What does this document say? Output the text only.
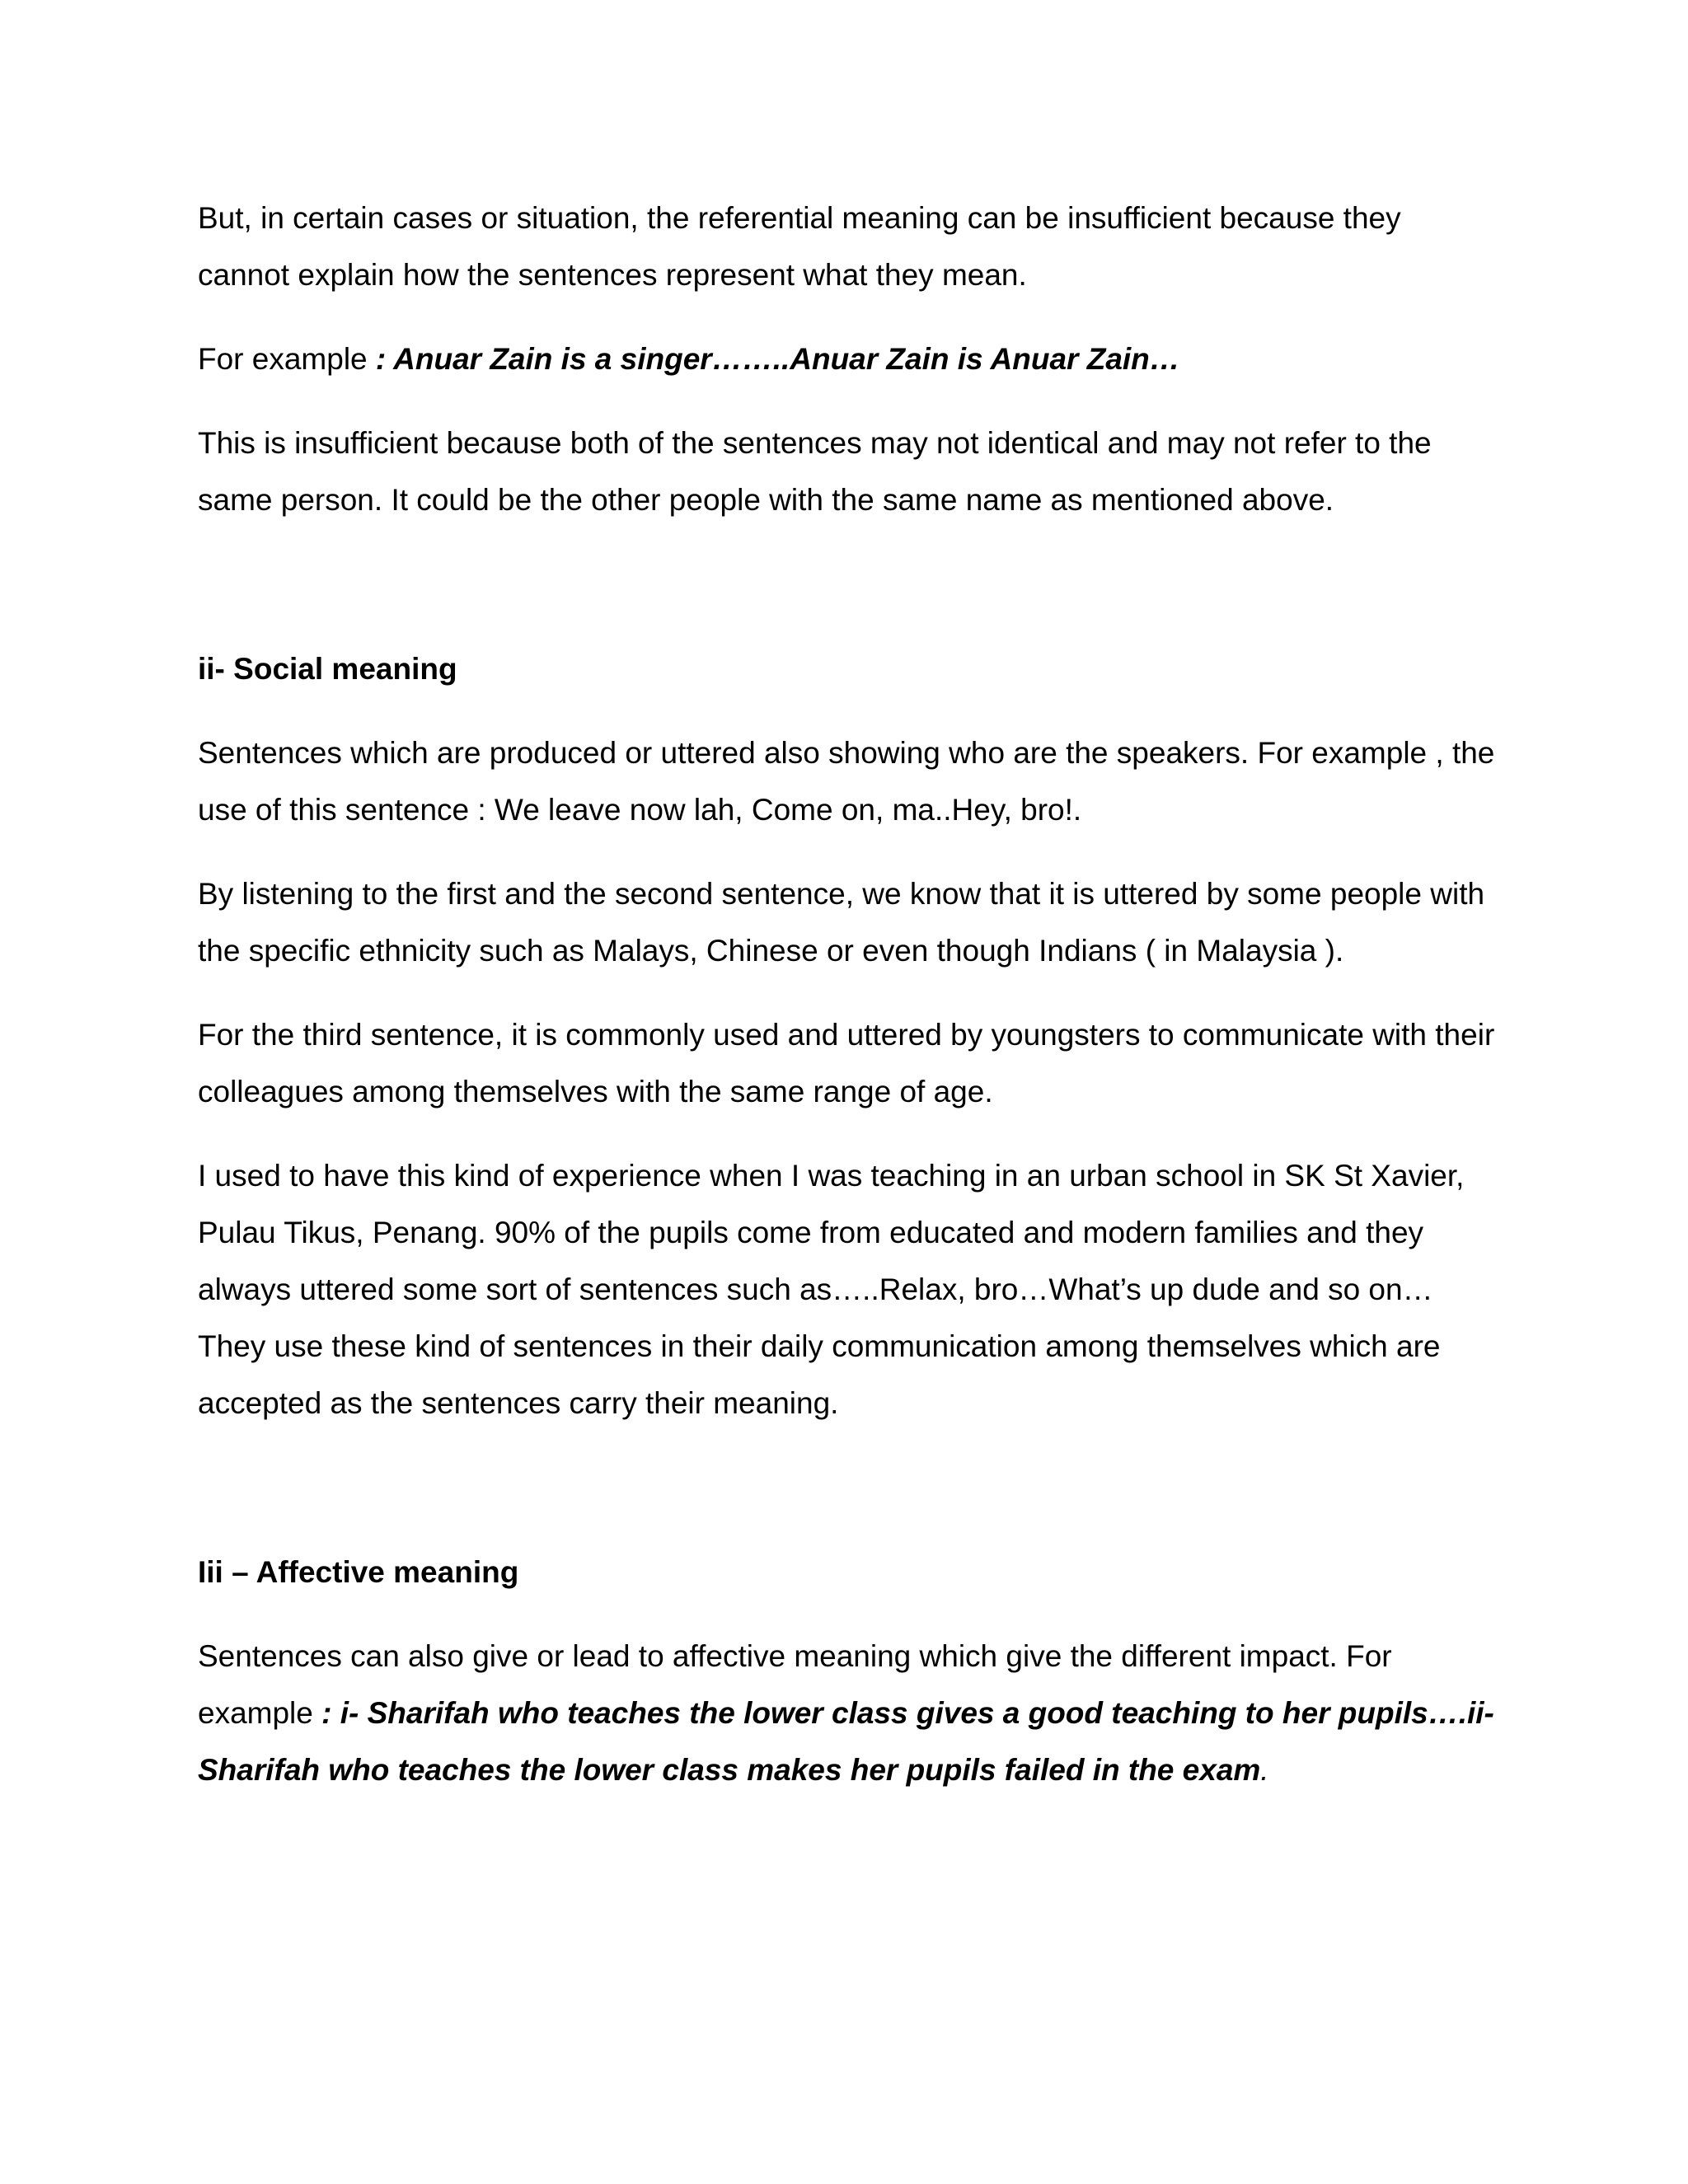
But, in certain cases or situation, the referential meaning can be insufficient because they cannot explain how the sentences represent what they mean.

For example : Anuar Zain is a singer……..Anuar Zain is Anuar Zain…

This is insufficient because both of the sentences may not identical and may not refer to the same person. It could be the other people with the same name as mentioned above.

ii- Social meaning

Sentences which are produced or uttered also showing who are the speakers. For example , the use of this sentence : We leave now lah, Come on, ma..Hey, bro!.

By listening to the first and the second sentence, we know that it is uttered by some people with the specific ethnicity such as Malays, Chinese or even though Indians ( in Malaysia ).

For the third sentence, it is commonly used and uttered by youngsters to communicate with their colleagues among themselves with the same range of age.

I used to have this kind of experience when I was teaching in an urban school in SK St Xavier, Pulau Tikus, Penang. 90% of the pupils come from educated and modern families and they always uttered some sort of sentences such as…..Relax, bro…What’s up dude and so on…They use these kind of sentences in their daily communication among themselves which are accepted as the sentences carry their meaning.

Iii – Affective meaning

Sentences can also give or lead to affective meaning which give the different impact. For example : i- Sharifah who teaches the lower class gives a good teaching to her pupils….ii- Sharifah who teaches the lower class makes her pupils failed in the exam.
